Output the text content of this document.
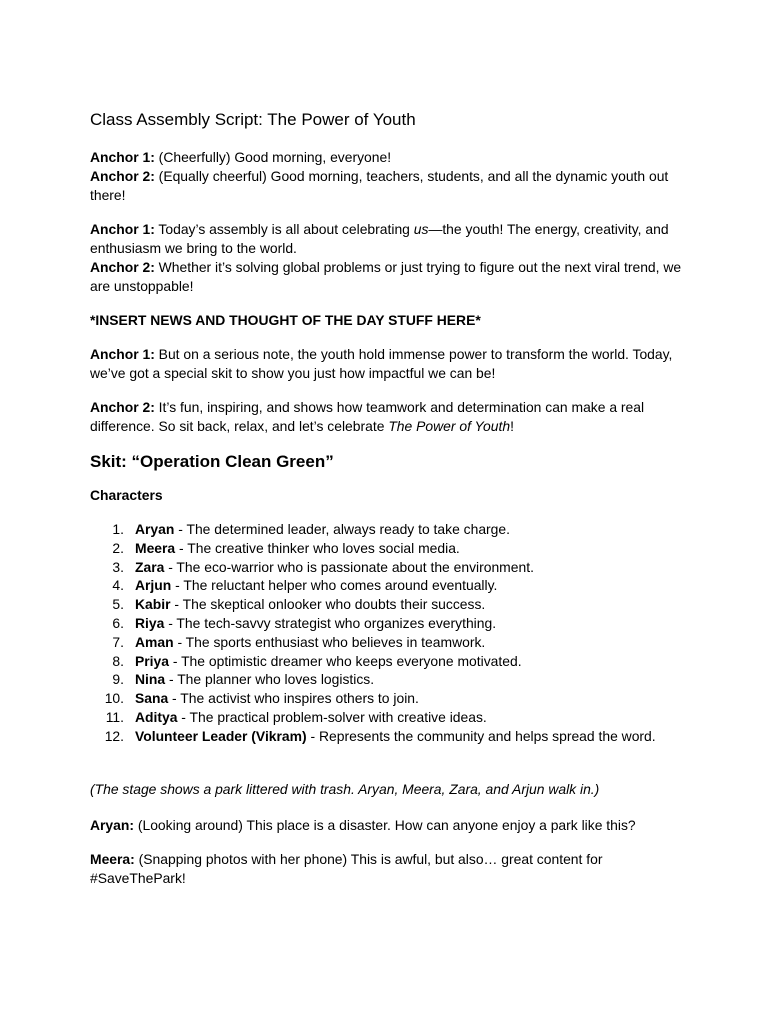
Class Assembly Script: The Power of Youth

Anchor 1: (Cheerfully) Good morning, everyone!

Anchor 2: (Equally cheerful) Good morning, teachers, students, and all the dynamic youth out there!

Anchor 1: Today’s assembly is all about celebrating us—the youth! The energy, creativity, and enthusiasm we bring to the world.

Anchor 2: Whether it’s solving global problems or just trying to figure out the next viral trend, we are unstoppable!

*INSERT NEWS AND THOUGHT OF THE DAY STUFF HERE*

Anchor 1: But on a serious note, the youth hold immense power to transform the world. Today, we’ve got a special skit to show you just how impactful we can be!

Anchor 2: It’s fun, inspiring, and shows how teamwork and determination can make a real difference. So sit back, relax, and let’s celebrate The Power of Youth!

Skit: “Operation Clean Green”
Characters
1. Aryan - The determined leader, always ready to take charge.
2. Meera - The creative thinker who loves social media.
3. Zara - The eco-warrior who is passionate about the environment.
4. Arjun - The reluctant helper who comes around eventually.
5. Kabir - The skeptical onlooker who doubts their success.
6. Riya - The tech-savvy strategist who organizes everything.
7. Aman - The sports enthusiast who believes in teamwork.
8. Priya - The optimistic dreamer who keeps everyone motivated.
9. Nina - The planner who loves logistics.
10. Sana - The activist who inspires others to join.
11. Aditya - The practical problem-solver with creative ideas.
12. Volunteer Leader (Vikram) - Represents the community and helps spread the word.

(The stage shows a park littered with trash. Aryan, Meera, Zara, and Arjun walk in.)

Aryan: (Looking around) This place is a disaster. How can anyone enjoy a park like this?

Meera: (Snapping photos with her phone) This is awful, but also… great content for #SaveThePark!
